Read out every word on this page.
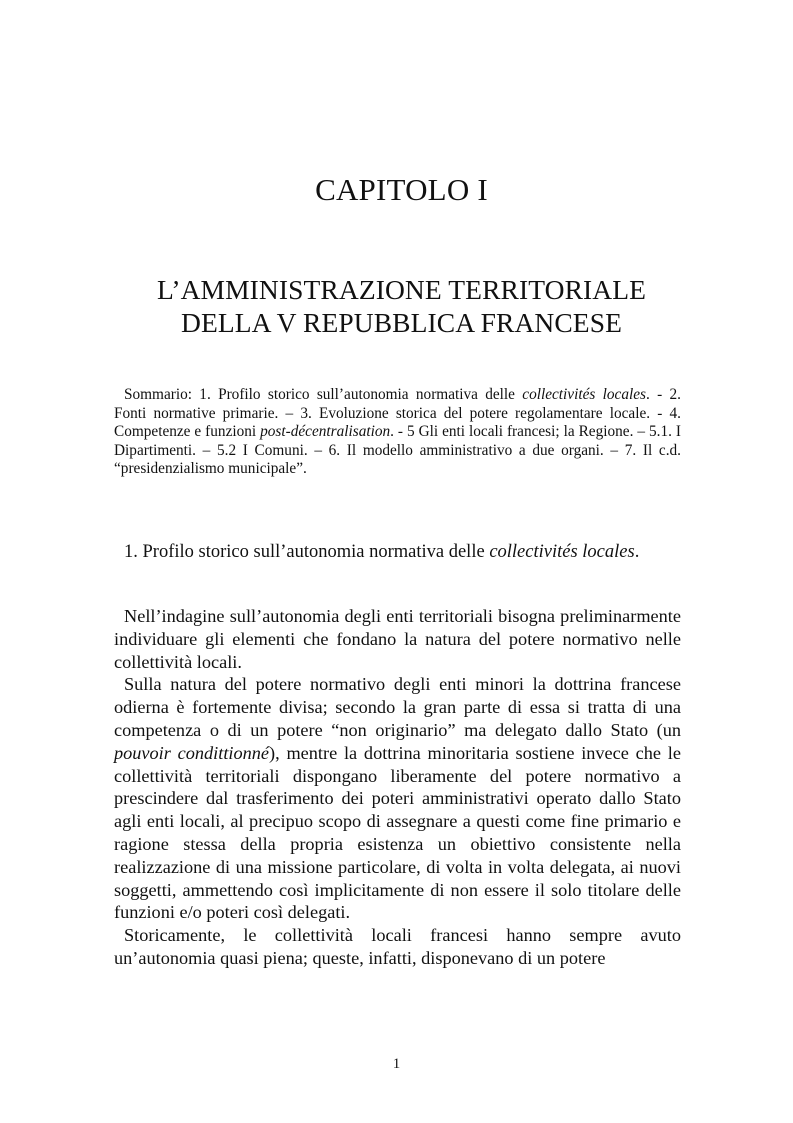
CAPITOLO I
L’AMMINISTRAZIONE TERRITORIALE
DELLA V REPUBBLICA FRANCESE
Sommario: 1. Profilo storico sull’autonomia normativa delle collectivités locales. - 2. Fonti normative primarie. – 3. Evoluzione storica del potere regolamentare locale. - 4. Competenze e funzioni post-décentralisation. - 5 Gli enti locali francesi; la Regione. – 5.1. I Dipartimenti. – 5.2 I Comuni. – 6. Il modello amministrativo a due organi. – 7. Il c.d. “presidenzialismo municipale”.
1. Profilo storico sull’autonomia normativa delle collectivités locales.

Nell’indagine sull’autonomia degli enti territoriali bisogna preliminarmente individuare gli elementi che fondano la natura del potere normativo nelle collettività locali.

Sulla natura del potere normativo degli enti minori la dottrina francese odierna è fortemente divisa; secondo la gran parte di essa si tratta di una competenza o di un potere “non originario” ma delegato dallo Stato (un pouvoir condittionné), mentre la dottrina minoritaria sostiene invece che le collettività territoriali dispongano liberamente del potere normativo a prescindere dal trasferimento dei poteri amministrativi operato dallo Stato agli enti locali, al precipuo scopo di assegnare a questi come fine primario e ragione stessa della propria esistenza un obiettivo consistente nella realizzazione di una missione particolare, di volta in volta delegata, ai nuovi soggetti, ammettendo così implicitamente di non essere il solo titolare delle funzioni e/o poteri così delegati.

Storicamente, le collettività locali francesi hanno sempre avuto un’autonomia quasi piena; queste, infatti, disponevano di un potere

1
